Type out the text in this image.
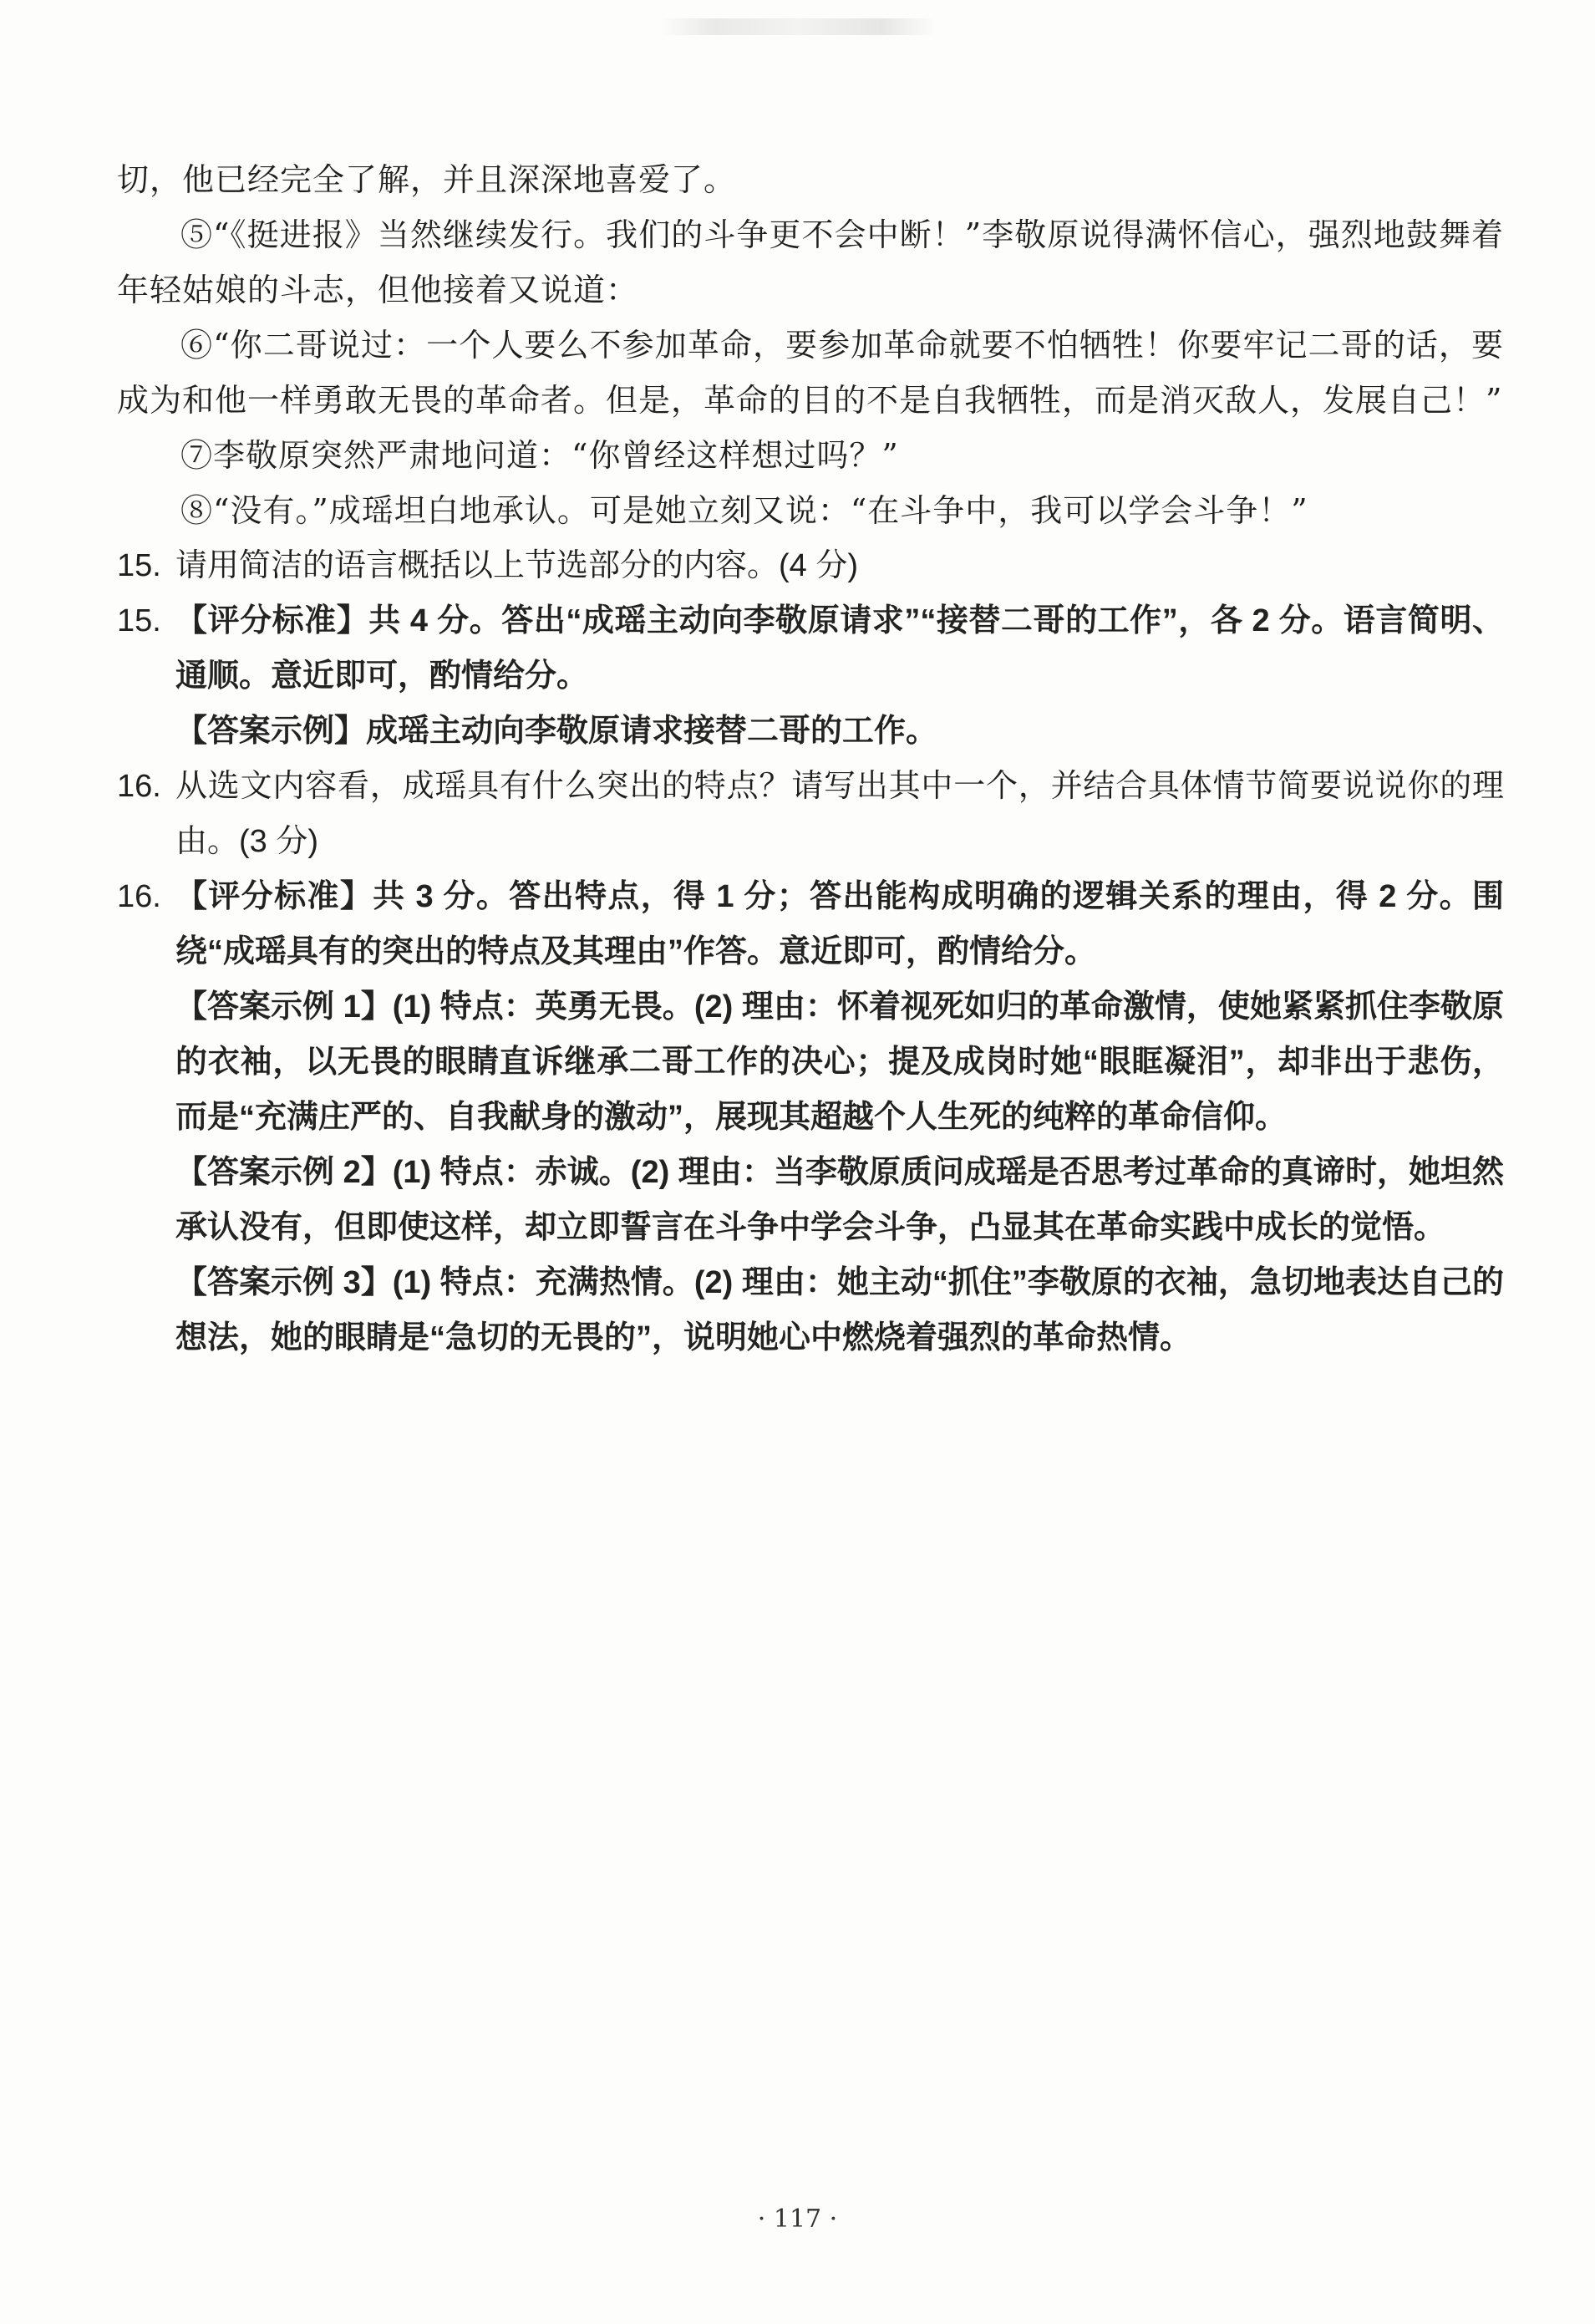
切，他已经完全了解，并且深深地喜爱了。

⑤“《挺进报》当然继续发行。我们的斗争更不会中断！”李敬原说得满怀信心，强烈地鼓舞着年轻姑娘的斗志，但他接着又说道：

⑥“你二哥说过：一个人要么不参加革命，要参加革命就要不怕牺牲！你要牢记二哥的话，要成为和他一样勇敢无畏的革命者。但是，革命的目的不是自我牺牲，而是消灭敌人，发展自己！”

⑦李敬原突然严肃地问道：“你曾经这样想过吗？”

⑧“没有。”成瑶坦白地承认。可是她立刻又说：“在斗争中，我可以学会斗争！”

15. 请用简洁的语言概括以上节选部分的内容。(4 分)
15. 【评分标准】共 4 分。答出“成瑶主动向李敬原请求”“接替二哥的工作”，各 2 分。语言简明、通顺。意近即可，酌情给分。

【答案示例】成瑶主动向李敬原请求接替二哥的工作。

16. 从选文内容看，成瑶具有什么突出的特点？请写出其中一个，并结合具体情节简要说说你的理由。(3 分)
16. 【评分标准】共 3 分。答出特点，得 1 分；答出能构成明确的逻辑关系的理由，得 2 分。围绕“成瑶具有的突出的特点及其理由”作答。意近即可，酌情给分。

【答案示例 1】(1) 特点：英勇无畏。(2) 理由：怀着视死如归的革命激情，使她紧紧抓住李敬原的衣袖，以无畏的眼睛直诉继承二哥工作的决心；提及成岗时她“眼眶凝泪”，却非出于悲伤，而是“充满庄严的、自我献身的激动”，展现其超越个人生死的纯粹的革命信仰。

【答案示例 2】(1) 特点：赤诚。(2) 理由：当李敬原质问成瑶是否思考过革命的真谛时，她坦然承认没有，但即使这样，却立即誓言在斗争中学会斗争，凸显其在革命实践中成长的觉悟。

【答案示例 3】(1) 特点：充满热情。(2) 理由：她主动“抓住”李敬原的衣袖，急切地表达自己的想法，她的眼睛是“急切的无畏的”，说明她心中燃烧着强烈的革命热情。

· 117 ·
